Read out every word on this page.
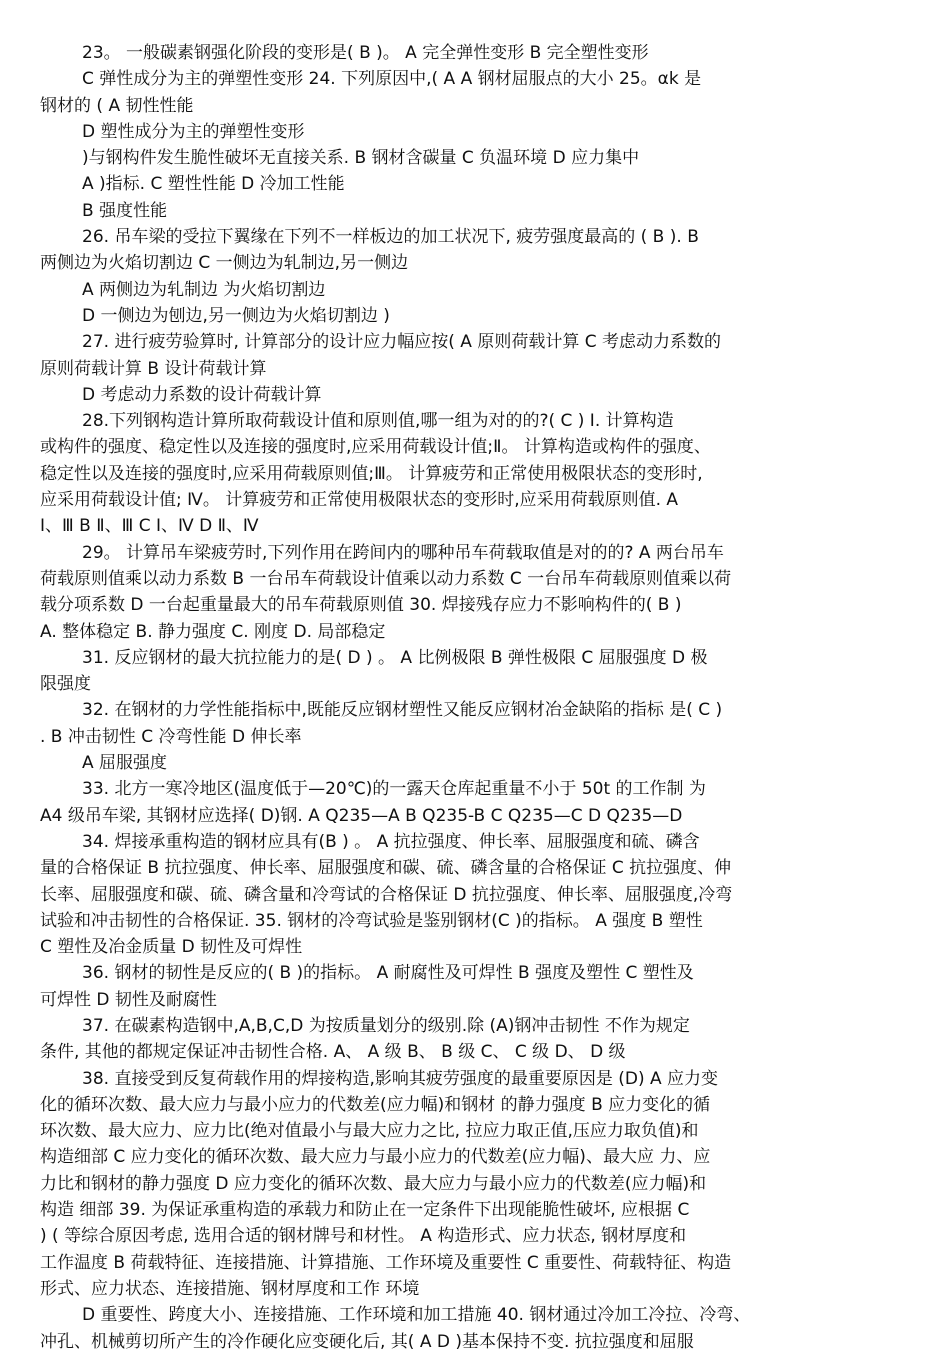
23。 一般碳素钢强化阶段的变形是( B )。 A 完全弹性变形 B 完全塑性变形
C 弹性成分为主的弹塑性变形 24. 下列原因中,( A A 钢材屈服点的大小 25。αk 是
钢材的 ( A 韧性性能
D 塑性成分为主的弹塑性变形
)与钢构件发生脆性破坏无直接关系. B 钢材含碳量 C 负温环境 D 应力集中
A )指标. C 塑性性能 D 冷加工性能
B 强度性能
26. 吊车梁的受拉下翼缘在下列不一样板边的加工状况下, 疲劳强度最高的 ( B ). B
两侧边为火焰切割边 C 一侧边为轧制边,另一侧边
A 两侧边为轧制边 为火焰切割边
D 一侧边为刨边,另一侧边为火焰切割边 )
27. 进行疲劳验算时, 计算部分的设计应力幅应按( A 原则荷载计算 C 考虑动力系数的
原则荷载计算 B 设计荷载计算
D 考虑动力系数的设计荷载计算
28.下列钢构造计算所取荷载设计值和原则值,哪一组为对的的?( C ) Ⅰ. 计算构造
或构件的强度、稳定性以及连接的强度时,应采用荷载设计值;Ⅱ。 计算构造或构件的强度、
稳定性以及连接的强度时,应采用荷载原则值;Ⅲ。 计算疲劳和正常使用极限状态的变形时,
应采用荷载设计值; Ⅳ。 计算疲劳和正常使用极限状态的变形时,应采用荷载原则值. A
Ⅰ、Ⅲ B Ⅱ、Ⅲ C Ⅰ、Ⅳ D Ⅱ、Ⅳ
29。 计算吊车梁疲劳时,下列作用在跨间内的哪种吊车荷载取值是对的的? A 两台吊车
荷载原则值乘以动力系数 B 一台吊车荷载设计值乘以动力系数 C 一台吊车荷载原则值乘以荷
载分项系数 D 一台起重量最大的吊车荷载原则值 30. 焊接残存应力不影响构件的( B )
A. 整体稳定 B. 静力强度 C. 刚度 D. 局部稳定
31. 反应钢材的最大抗拉能力的是( D ) 。 A 比例极限 B 弹性极限 C 屈服强度 D 极
限强度
32. 在钢材的力学性能指标中,既能反应钢材塑性又能反应钢材冶金缺陷的指标 是( C )
. B 冲击韧性 C 冷弯性能 D 伸长率
A 屈服强度
33. 北方一寒冷地区(温度低于—20℃)的一露天仓库起重量不小于 50t 的工作制 为
A4 级吊车梁, 其钢材应选择( D)钢. A Q235—A B Q235-B C Q235—C D Q235—D
34. 焊接承重构造的钢材应具有(B ) 。 A 抗拉强度、伸长率、屈服强度和硫、磷含
量的合格保证 B 抗拉强度、伸长率、屈服强度和碳、硫、磷含量的合格保证 C 抗拉强度、伸
长率、屈服强度和碳、硫、磷含量和冷弯试的合格保证 D 抗拉强度、伸长率、屈服强度,冷弯
试验和冲击韧性的合格保证. 35. 钢材的冷弯试验是鉴别钢材(C )的指标。 A 强度 B 塑性
C 塑性及冶金质量 D 韧性及可焊性
36. 钢材的韧性是反应的( B )的指标。 A 耐腐性及可焊性 B 强度及塑性 C 塑性及
可焊性 D 韧性及耐腐性
37. 在碳素构造钢中,A,B,C,D 为按质量划分的级别.除 (A)钢冲击韧性 不作为规定
条件, 其他的都规定保证冲击韧性合格. A、 A 级 B、 B 级 C、 C 级 D、 D 级
38. 直接受到反复荷载作用的焊接构造,影响其疲劳强度的最重要原因是 (D) A 应力变
化的循环次数、最大应力与最小应力的代数差(应力幅)和钢材 的静力强度 B 应力变化的循
环次数、最大应力、应力比(绝对值最小与最大应力之比, 拉应力取正值,压应力取负值)和
构造细部 C 应力变化的循环次数、最大应力与最小应力的代数差(应力幅)、最大应 力、应
力比和钢材的静力强度 D 应力变化的循环次数、最大应力与最小应力的代数差(应力幅)和
构造 细部 39. 为保证承重构造的承载力和防止在一定条件下出现能脆性破坏, 应根据 C
) ( 等综合原因考虑, 选用合适的钢材牌号和材性。 A 构造形式、应力状态, 钢材厚度和
工作温度 B 荷载特征、连接措施、计算措施、工作环境及重要性 C 重要性、荷载特征、构造
形式、应力状态、连接措施、钢材厚度和工作 环境
D 重要性、跨度大小、连接措施、工作环境和加工措施 40. 钢材通过冷加工冷拉、冷弯、
冲孔、机械剪切所产生的冷作硬化应变硬化后, 其( A D )基本保持不变. 抗拉强度和屈服
